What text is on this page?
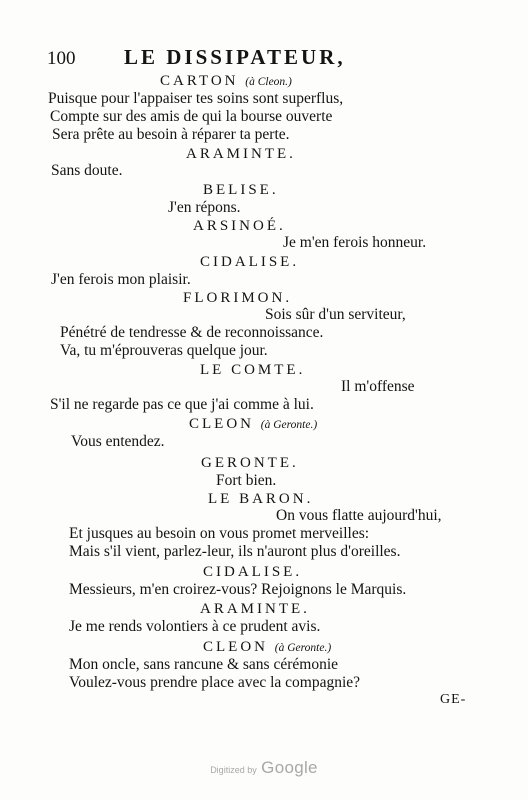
100 LE DISSIPATEUR,
CARTON (à Cleon.)
Puisque pour l'appaiser tes soins sont superflus,
Compte sur des amis de qui la bourse ouverte
Sera prête au besoin à réparer ta perte.
ARAMINTE.
Sans doute.
BELISE.
J'en répons.
ARSINOÉ.
Je m'en ferois honneur.
CIDALISE.
J'en ferois mon plaisir.
FLORIMON.
Sois sûr d'un serviteur,
Pénétré de tendresse & de reconnoissance.
Va, tu m'éprouveras quelque jour.
LE COMTE.
Il m'offense
S'il ne regarde pas ce que j'ai comme à lui.
CLEON (à Geronte.)
Vous entendez.
GERONTE.
Fort bien.
LE BARON.
On vous flatte aujourd'hui,
Et jusques au besoin on vous promet merveilles:
Mais s'il vient, parlez-leur, ils n'auront plus d'oreilles.
CIDALISE.
Messieurs, m'en croirez-vous? Rejoignons le Marquis.
ARAMINTE.
Je me rends volontiers à ce prudent avis.
CLEON (à Geronte.)
Mon oncle, sans rancune & sans cérémonie
Voulez-vous prendre place avec la compagnie?
GE-
Digitized by Google
